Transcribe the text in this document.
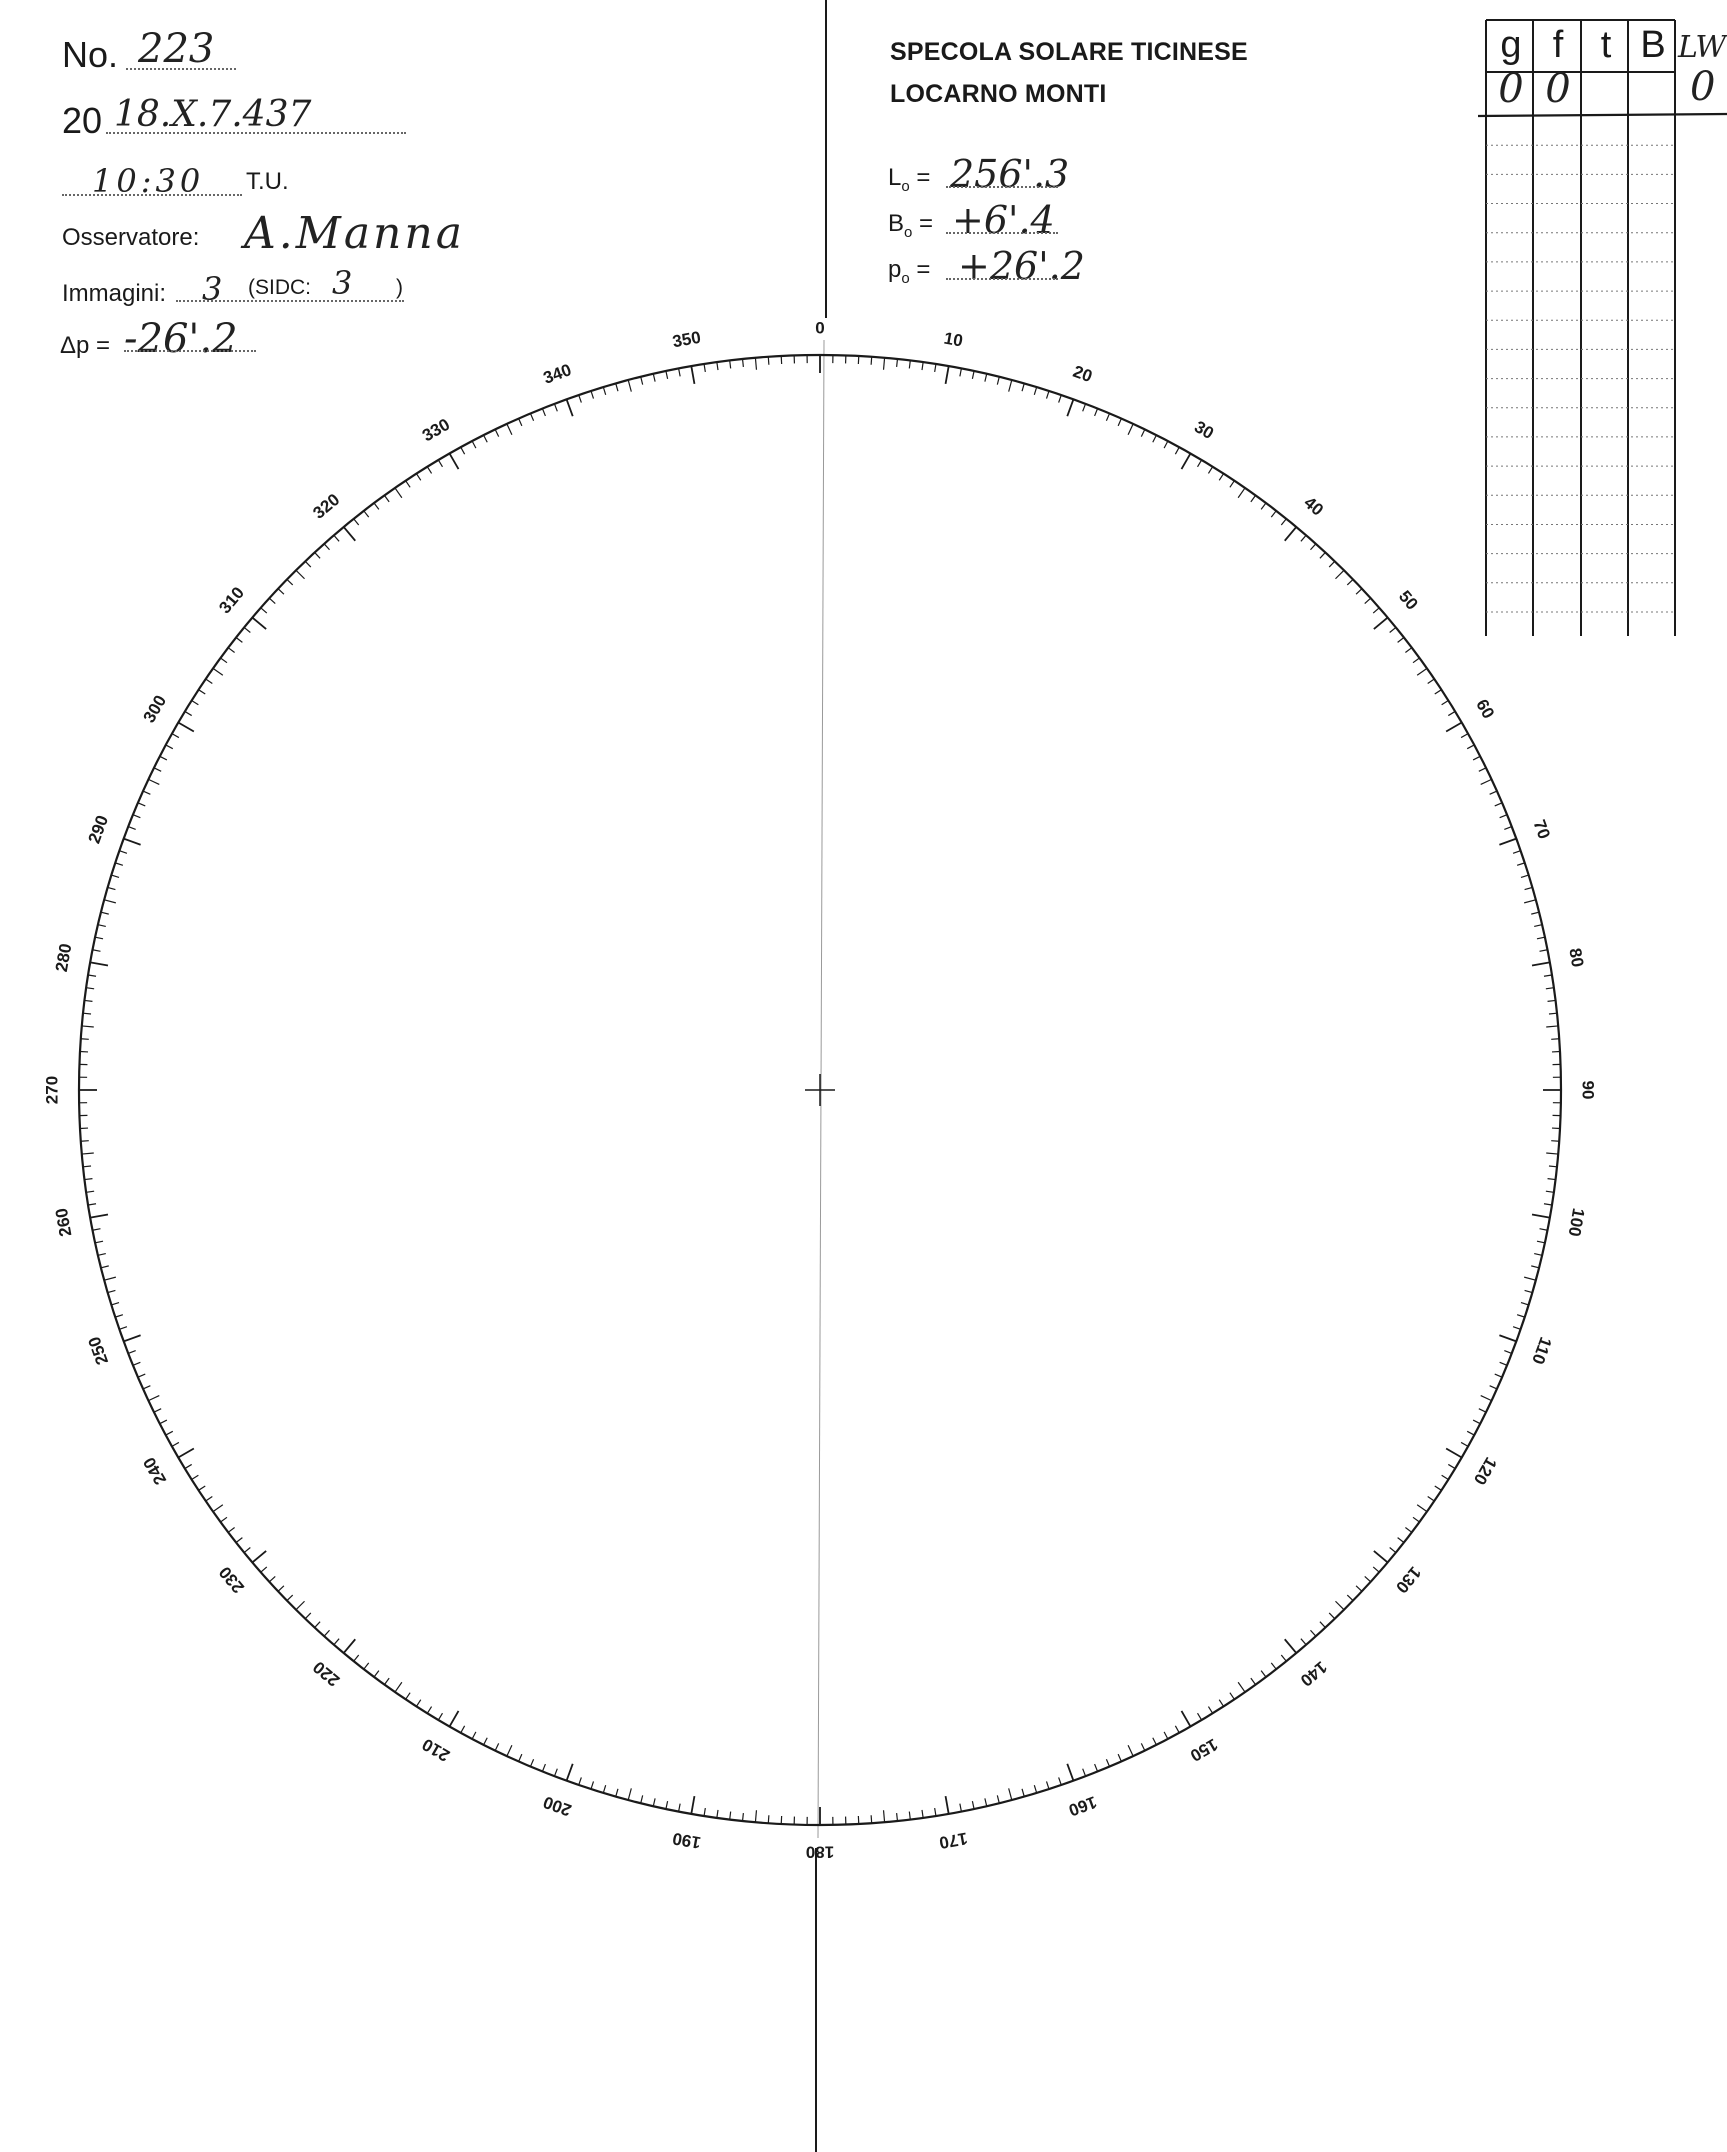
0
10
20
30
40
50
60
70
80
90
100
110
120
130
140
150
160
170
180
190
200
210
220
230
240
250
260
270
280
290
300
310
320
330
340
350
No. 223
20 18.X.7.437
10:30 T.U.
Osservatore: A.Manna
Immagini: 3 (SIDC: 3 )
Δp = -26'.2
SPECOLA SOLARE TICINESE
LOCARNO MONTI
$L_o = 256'.3$
$B_o = +6'.4$
$p_o = +26'.2$
g f t B LW
0 0	0
